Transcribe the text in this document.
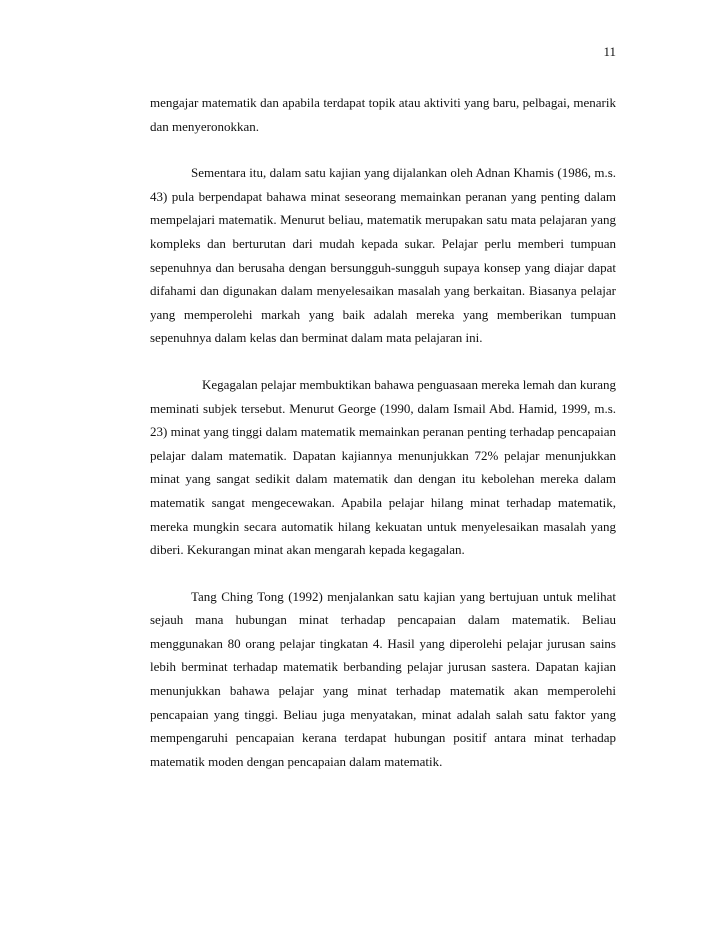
11

mengajar matematik dan apabila terdapat topik atau aktiviti yang baru, pelbagai, menarik dan menyeronokkan.

Sementara itu, dalam satu kajian yang dijalankan oleh Adnan Khamis (1986, m.s. 43) pula berpendapat bahawa minat seseorang memainkan peranan yang penting dalam mempelajari matematik. Menurut beliau, matematik merupakan satu mata pelajaran yang kompleks dan berturutan dari mudah kepada sukar. Pelajar perlu memberi tumpuan sepenuhnya dan berusaha dengan bersungguh-sungguh supaya konsep yang diajar dapat difahami dan digunakan dalam menyelesaikan masalah yang berkaitan. Biasanya pelajar yang memperolehi markah yang baik adalah mereka yang memberikan tumpuan sepenuhnya dalam kelas dan berminat dalam mata pelajaran ini.

Kegagalan pelajar membuktikan bahawa penguasaan mereka lemah dan kurang meminati subjek tersebut. Menurut George (1990, dalam Ismail Abd. Hamid, 1999, m.s. 23) minat yang tinggi dalam matematik memainkan peranan penting terhadap pencapaian pelajar dalam matematik. Dapatan kajiannya menunjukkan 72% pelajar menunjukkan minat yang sangat sedikit dalam matematik dan dengan itu kebolehan mereka dalam matematik sangat mengecewakan. Apabila pelajar hilang minat terhadap matematik, mereka mungkin secara automatik hilang kekuatan untuk menyelesaikan masalah yang diberi. Kekurangan minat akan mengarah kepada kegagalan.

Tang Ching Tong (1992) menjalankan satu kajian yang bertujuan untuk melihat sejauh mana hubungan minat terhadap pencapaian dalam matematik. Beliau menggunakan 80 orang pelajar tingkatan 4. Hasil yang diperolehi pelajar jurusan sains lebih berminat terhadap matematik berbanding pelajar jurusan sastera. Dapatan kajian menunjukkan bahawa pelajar yang minat terhadap matematik akan memperolehi pencapaian yang tinggi. Beliau juga menyatakan, minat adalah salah satu faktor yang mempengaruhi pencapaian kerana terdapat hubungan positif antara minat terhadap matematik moden dengan pencapaian dalam matematik.
